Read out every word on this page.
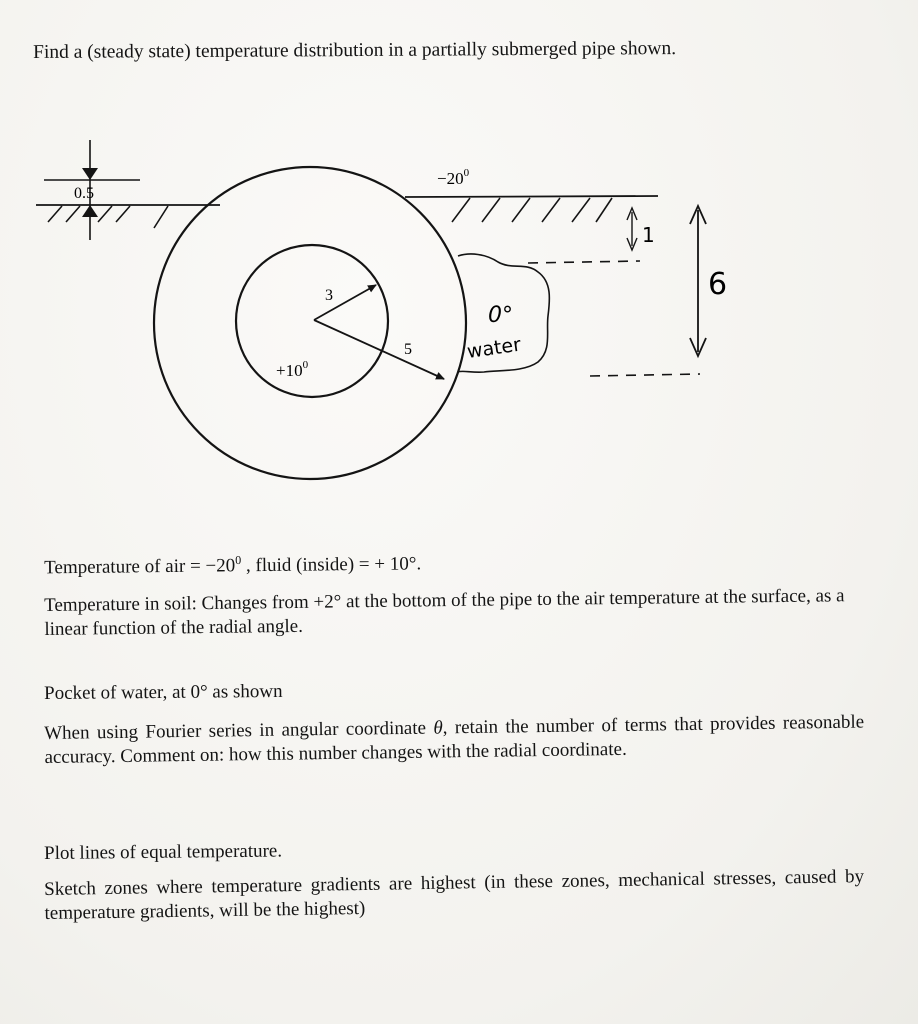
Find a (steady state) temperature distribution in a partially submerged pipe shown.
0.5
3
5
$+10^0$
$-20^0$
0°
water
1
6
Temperature of air = $-20^0$ , fluid (inside) = + 10°.
Temperature in soil: Changes from +2° at the bottom of the pipe to the air temperature at the surface, as a linear function of the radial angle.
Pocket of water, at 0° as shown
When using Fourier series in angular coordinate θ, retain the number of terms that provides reasonable accuracy. Comment on: how this number changes with the radial coordinate.
Plot lines of equal temperature.
Sketch zones where temperature gradients are highest (in these zones, mechanical stresses, caused by temperature gradients, will be the highest)
